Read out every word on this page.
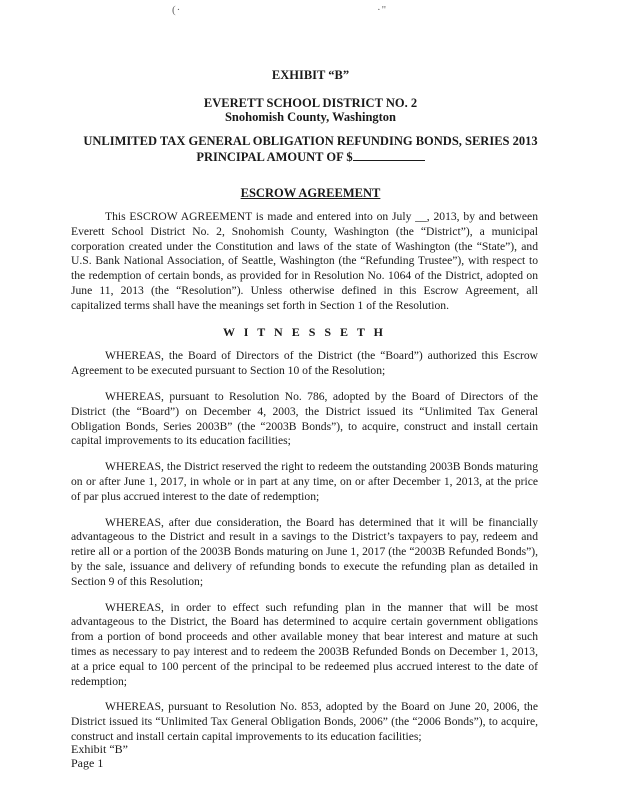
(·	·"
EXHIBIT “B”
EVERETT SCHOOL DISTRICT NO. 2
Snohomish County, Washington
UNLIMITED TAX GENERAL OBLIGATION REFUNDING BONDS, SERIES 2013
PRINCIPAL AMOUNT OF $
ESCROW AGREEMENT

This ESCROW AGREEMENT is made and entered into on July __, 2013, by and between Everett School District No. 2, Snohomish County, Washington (the “District”), a municipal corporation created under the Constitution and laws of the state of Washington (the “State”), and U.S. Bank National Association, of Seattle, Washington (the “Refunding Trustee”), with respect to the redemption of certain bonds, as provided for in Resolution No. 1064 of the District, adopted on June 11, 2013 (the “Resolution”). Unless otherwise defined in this Escrow Agreement, all capitalized terms shall have the meanings set forth in Section 1 of the Resolution.

W I T N E S S E T H

WHEREAS, the Board of Directors of the District (the “Board”) authorized this Escrow Agreement to be executed pursuant to Section 10 of the Resolution;

WHEREAS, pursuant to Resolution No. 786, adopted by the Board of Directors of the District (the “Board”) on December 4, 2003, the District issued its “Unlimited Tax General Obligation Bonds, Series 2003B” (the “2003B Bonds”), to acquire, construct and install certain capital improvements to its education facilities;

WHEREAS, the District reserved the right to redeem the outstanding 2003B Bonds maturing on or after June 1, 2017, in whole or in part at any time, on or after December 1, 2013, at the price of par plus accrued interest to the date of redemption;

WHEREAS, after due consideration, the Board has determined that it will be financially advantageous to the District and result in a savings to the District’s taxpayers to pay, redeem and retire all or a portion of the 2003B Bonds maturing on June 1, 2017 (the “2003B Refunded Bonds”), by the sale, issuance and delivery of refunding bonds to execute the refunding plan as detailed in Section 9 of this Resolution;

WHEREAS, in order to effect such refunding plan in the manner that will be most advantageous to the District, the Board has determined to acquire certain government obligations from a portion of bond proceeds and other available money that bear interest and mature at such times as necessary to pay interest and to redeem the 2003B Refunded Bonds on December 1, 2013, at a price equal to 100 percent of the principal to be redeemed plus accrued interest to the date of redemption;

WHEREAS, pursuant to Resolution No. 853, adopted by the Board on June 20, 2006, the District issued its “Unlimited Tax General Obligation Bonds, 2006” (the “2006 Bonds”), to acquire, construct and install certain capital improvements to its education facilities;

Exhibit “B”
Page 1
